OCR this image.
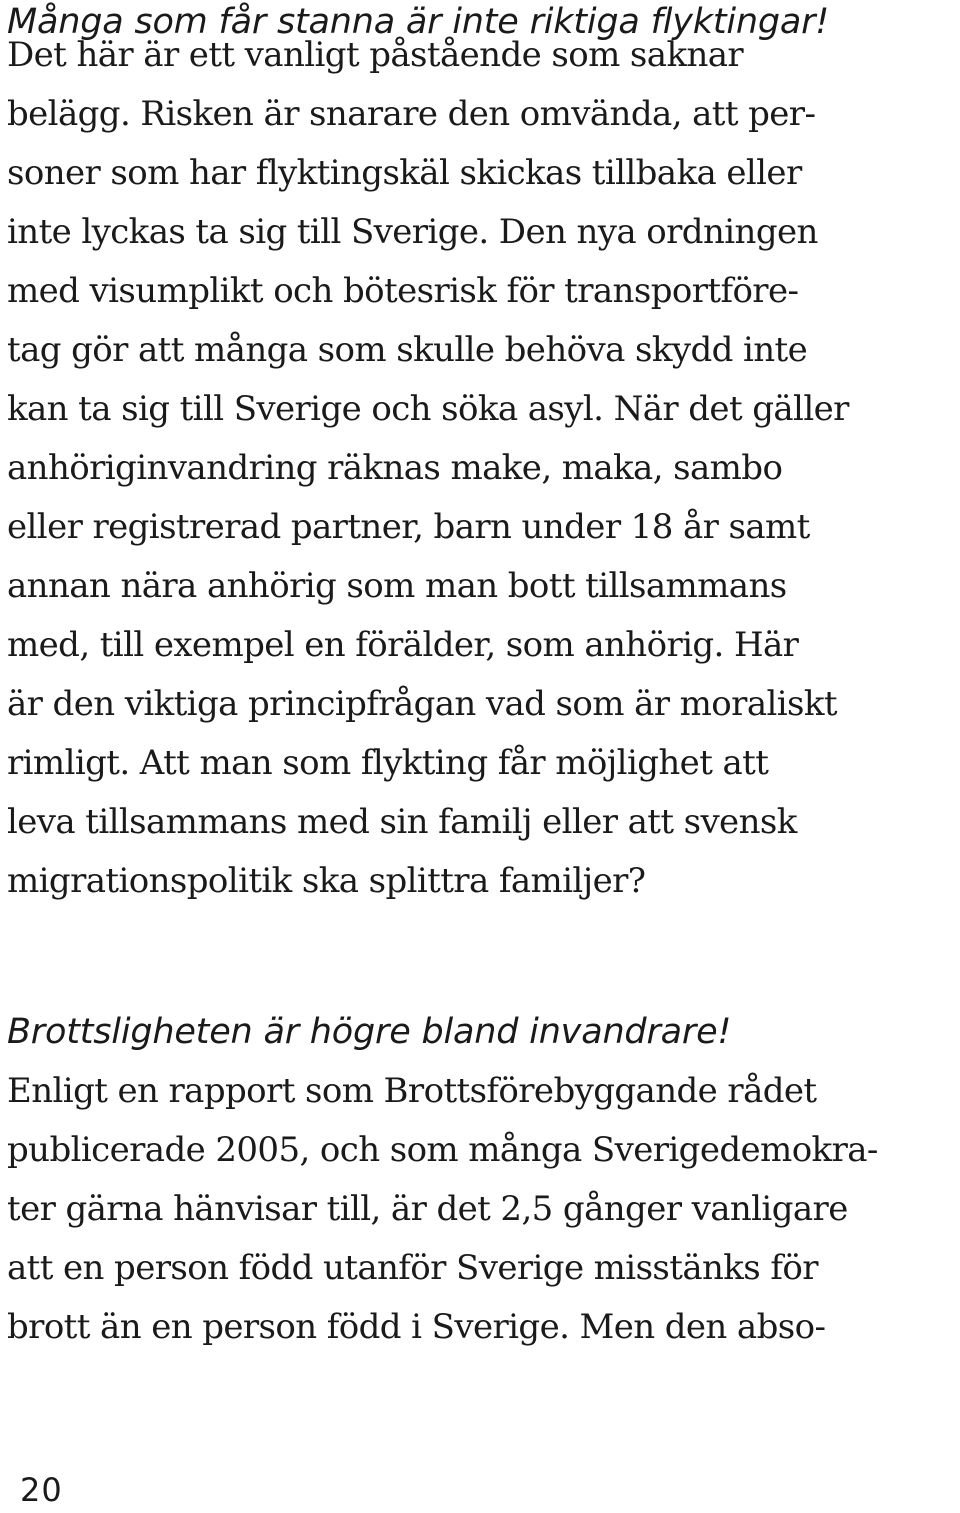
Många som får stanna är inte riktiga flyktingar!
Det här är ett vanligt påstående som saknar
belägg. Risken är snarare den omvända, att per-
soner som har flyktingskäl skickas tillbaka eller
inte lyckas ta sig till Sverige. Den nya ordningen
med visumplikt och bötesrisk för transportföre-
tag gör att många som skulle behöva skydd inte
kan ta sig till Sverige och söka asyl. När det gäller
anhöriginvandring räknas make, maka, sambo
eller registrerad partner, barn under 18 år samt
annan nära anhörig som man bott tillsammans
med, till exempel en förälder, som anhörig. Här
är den viktiga principfrågan vad som är moraliskt
rimligt. Att man som flykting får möjlighet att
leva tillsammans med sin familj eller att svensk
migrationspolitik ska splittra familjer?
Brottsligheten är högre bland invandrare!
Enligt en rapport som Brottsförebyggande rådet
publicerade 2005, och som många Sverigedemokra-
ter gärna hänvisar till, är det 2,5 gånger vanligare
att en person född utanför Sverige misstänks för
brott än en person född i Sverige. Men den abso-
20
